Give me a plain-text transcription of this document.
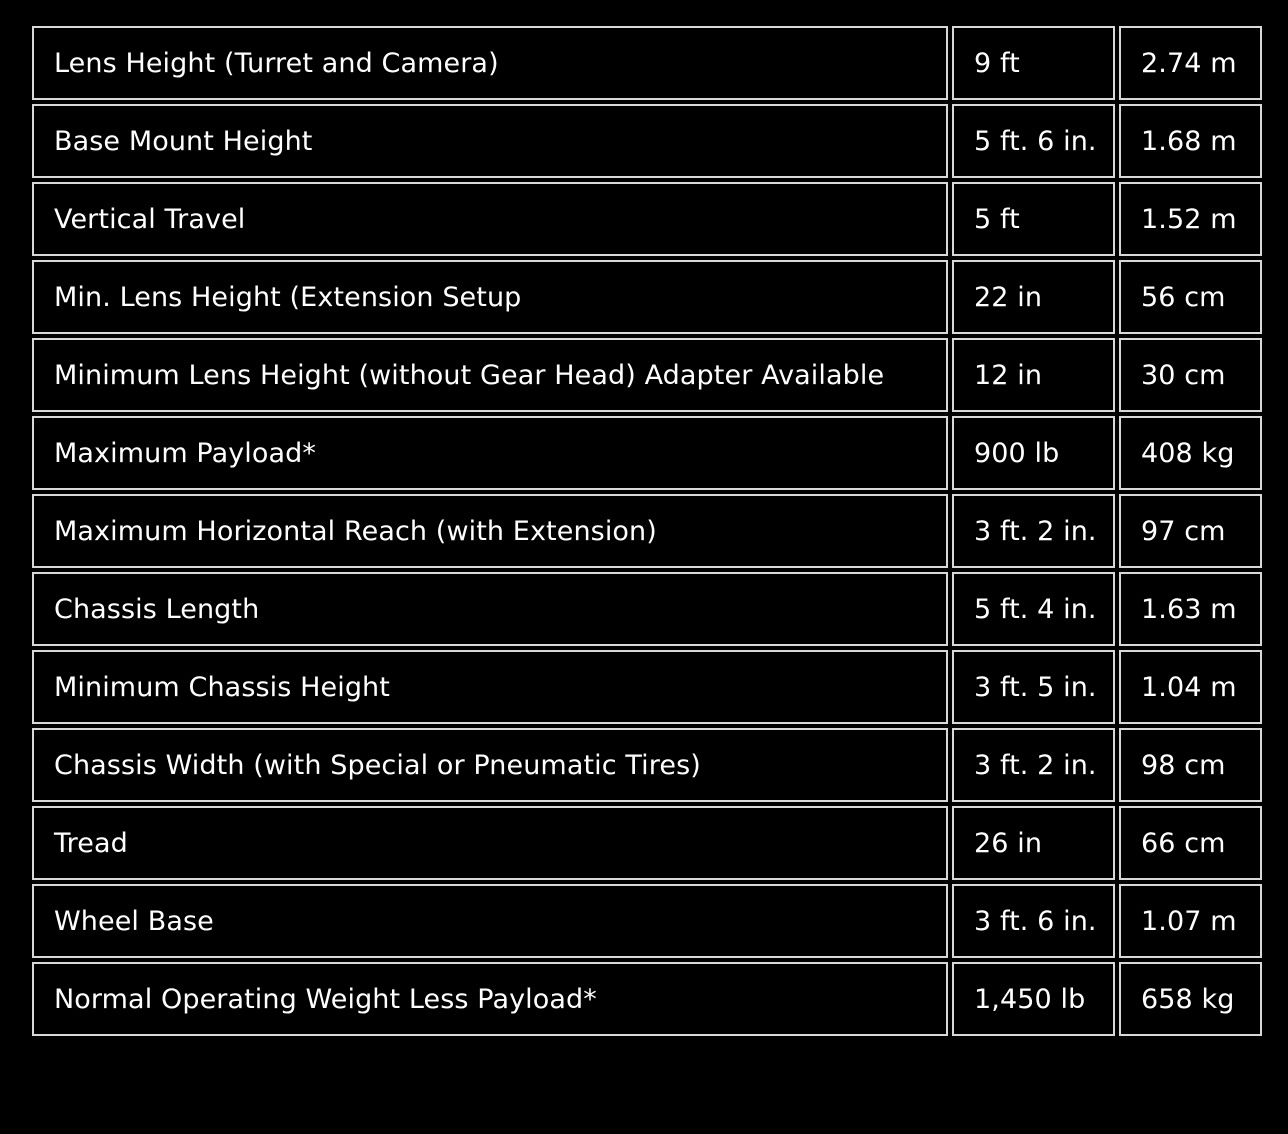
Lens Height (Turret and Camera)	9 ft	2.74 m
Base Mount Height	5 ft. 6 in.	1.68 m
Vertical Travel	5 ft	1.52 m
Min. Lens Height (Extension Setup	22 in	56 cm
Minimum Lens Height (without Gear Head) Adapter Available	12 in	30 cm
Maximum Payload*	900 lb	408 kg
Maximum Horizontal Reach (with Extension)	3 ft. 2 in.	97 cm
Chassis Length	5 ft. 4 in.	1.63 m
Minimum Chassis Height	3 ft. 5 in.	1.04 m
Chassis Width (with Special or Pneumatic Tires)	3 ft. 2 in.	98 cm
Tread	26 in	66 cm
Wheel Base	3 ft. 6 in.	1.07 m
Normal Operating Weight Less Payload*	1,450 lb	658 kg
